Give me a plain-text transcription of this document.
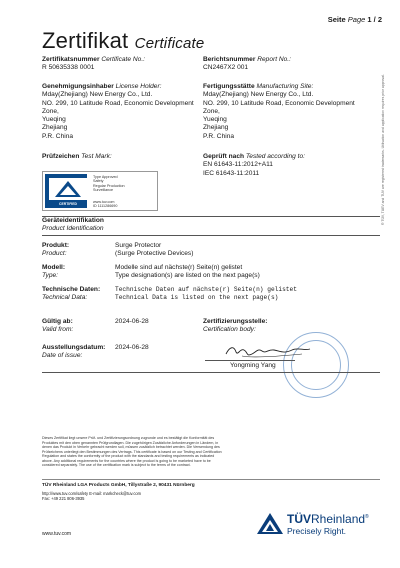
Seite Page 1 / 2
Zertifikat Certificate
Zertifikatsnummer Certificate No.:
R 50635338 0001
Berichtsnummer Report No.:
CN2467X2 001
Genehmigungsinhaber License Holder:
Mday(Zhejiang) New Energy Co., Ltd.
NO. 299, 10 Latitude Road, Economic Development
Zone,
Yueqing
Zhejiang
P.R. China
Fertigungsstätte Manufacturing Site:
Mday(Zhejiang) New Energy Co., Ltd.
NO. 299, 10 Latitude Road, Economic Development
Zone,
Yueqing
Zhejiang
P.R. China
Prüfzeichen Test Mark:	Geprüft nach Tested according to:
EN 61643-11:2012+A11
IEC 61643-11:2011
CERTIFIED
Type Approved
Safety
Regular Production
Surveillance
www.tuv.com
ID 1111286690
Geräteidentifikation
Product Identification
Produkt:
Product:
Surge Protector
(Surge Protective Devices)
Modell:
Type:
Modelle sind auf nächste(r) Seite(n) gelistet
Type designation(s) are listed on the next page(s)
Technische Daten:
Technical Data:
Technische Daten auf nächste(r) Seite(n) gelistet
Technical Data is listed on the next page(s)
Gültig ab:
Valid from:
2024-06-28
Ausstellungsdatum:
Date of issue:
2024-06-28
Zertifizierungsstelle:
Certification body:
Yongming Yang
Dieses Zertifikat liegt unsere Prüf- und Zertifizierungsordnung zugrunde und es bestätigt die Konformität des Produktes mit den oben genannten Prüfgrundlagen. Die zugehörigen Zusätzliche Anforderungen in Ländern, in denen das Produkt in Verkehr gebracht werden soll, müssen zusätzlich betrachtet werden. Die Verwendung des Prüfzeichens unterliegt den Bestimmungen des Vertrags. This certificate is based on our Testing and Certification Regulation and states the conformity of the product with the standards and testing requirements as indicated above. Any additional requirements for the countries where the product is going to be marketed have to be considered separately. The use of the certification mark is subject to the terms of the contract.
TÜV Rheinland LGA Products GmbH, Tillystraße 2, 90431 Nürnberg
http://www.tuv.com/safety E-mail: markcheck@tuv.com
Fax: +49 221 806-3935
www.tuv.com
® TÜV, TUEV and TUV are registered trademarks. Utilisation and application requires prior approval.
TÜVRheinland®
Precisely Right.
